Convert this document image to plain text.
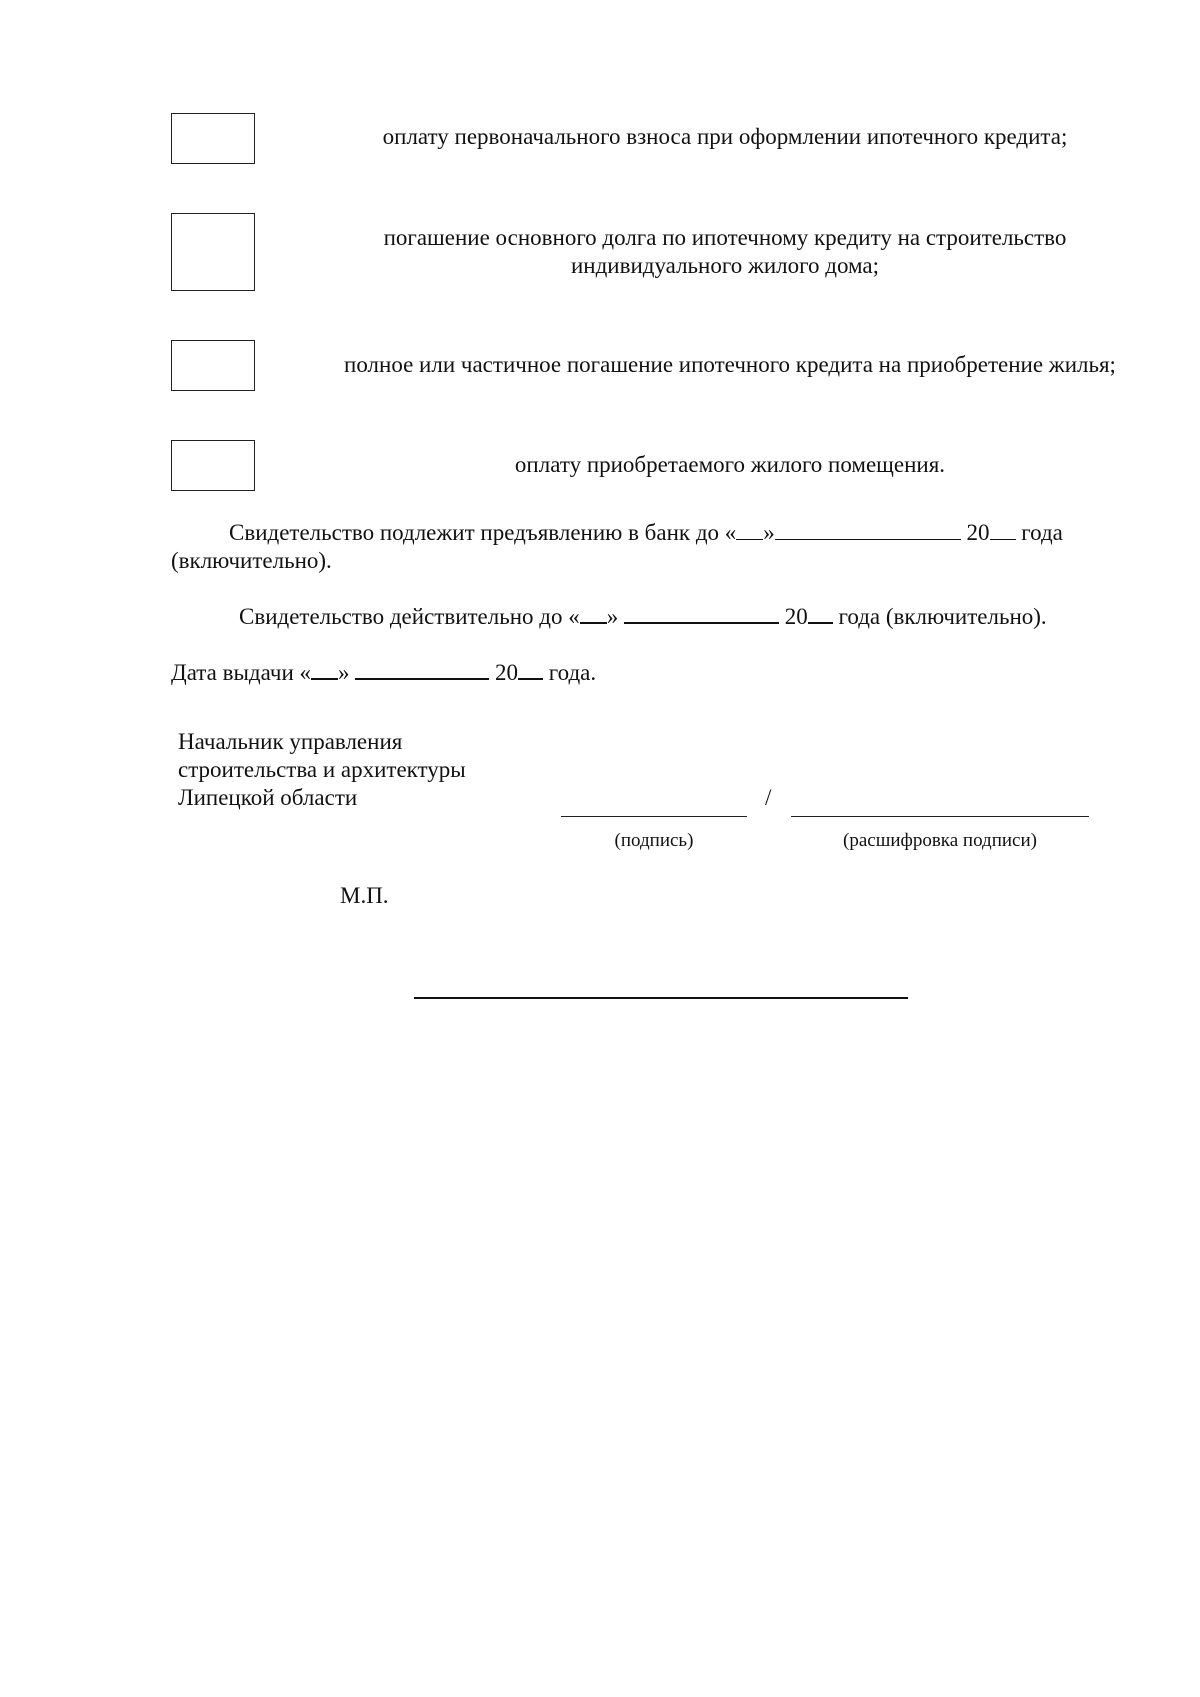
оплату первоначального взноса при оформлении ипотечного кредита;
погашение основного долга по ипотечному кредиту на строительство
индивидуального жилого дома;
полное или частичное погашение ипотечного кредита на приобретение жилья;
оплату приобретаемого жилого помещения.
Свидетельство подлежит предъявлению в банк до « »	20 года
(включительно).
Свидетельство действительно до « »	20 года (включительно).
Дата выдачи « »	20 года.
Начальник управления
строительства и архитектуры
Липецкой области	/
(подпись)	(расшифровка подписи)
М.П.
